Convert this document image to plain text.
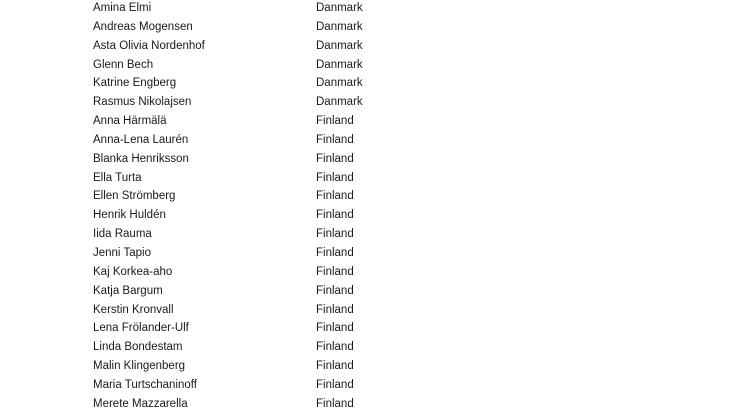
Amina Elmi	Danmark
Andreas Mogensen	Danmark
Asta Olivia Nordenhof	Danmark
Glenn Bech	Danmark
Katrine Engberg	Danmark
Rasmus Nikolajsen	Danmark
Anna Härmälä	Finland
Anna-Lena Laurén	Finland
Blanka Henriksson	Finland
Ella Turta	Finland
Ellen Strömberg	Finland
Henrik Huldén	Finland
Iida Rauma	Finland
Jenni Tapio	Finland
Kaj Korkea-aho	Finland
Katja Bargum	Finland
Kerstin Kronvall	Finland
Lena Frölander-Ulf	Finland
Linda Bondestam	Finland
Malin Klingenberg	Finland
Maria Turtschaninoff	Finland
Merete Mazzarella	Finland
